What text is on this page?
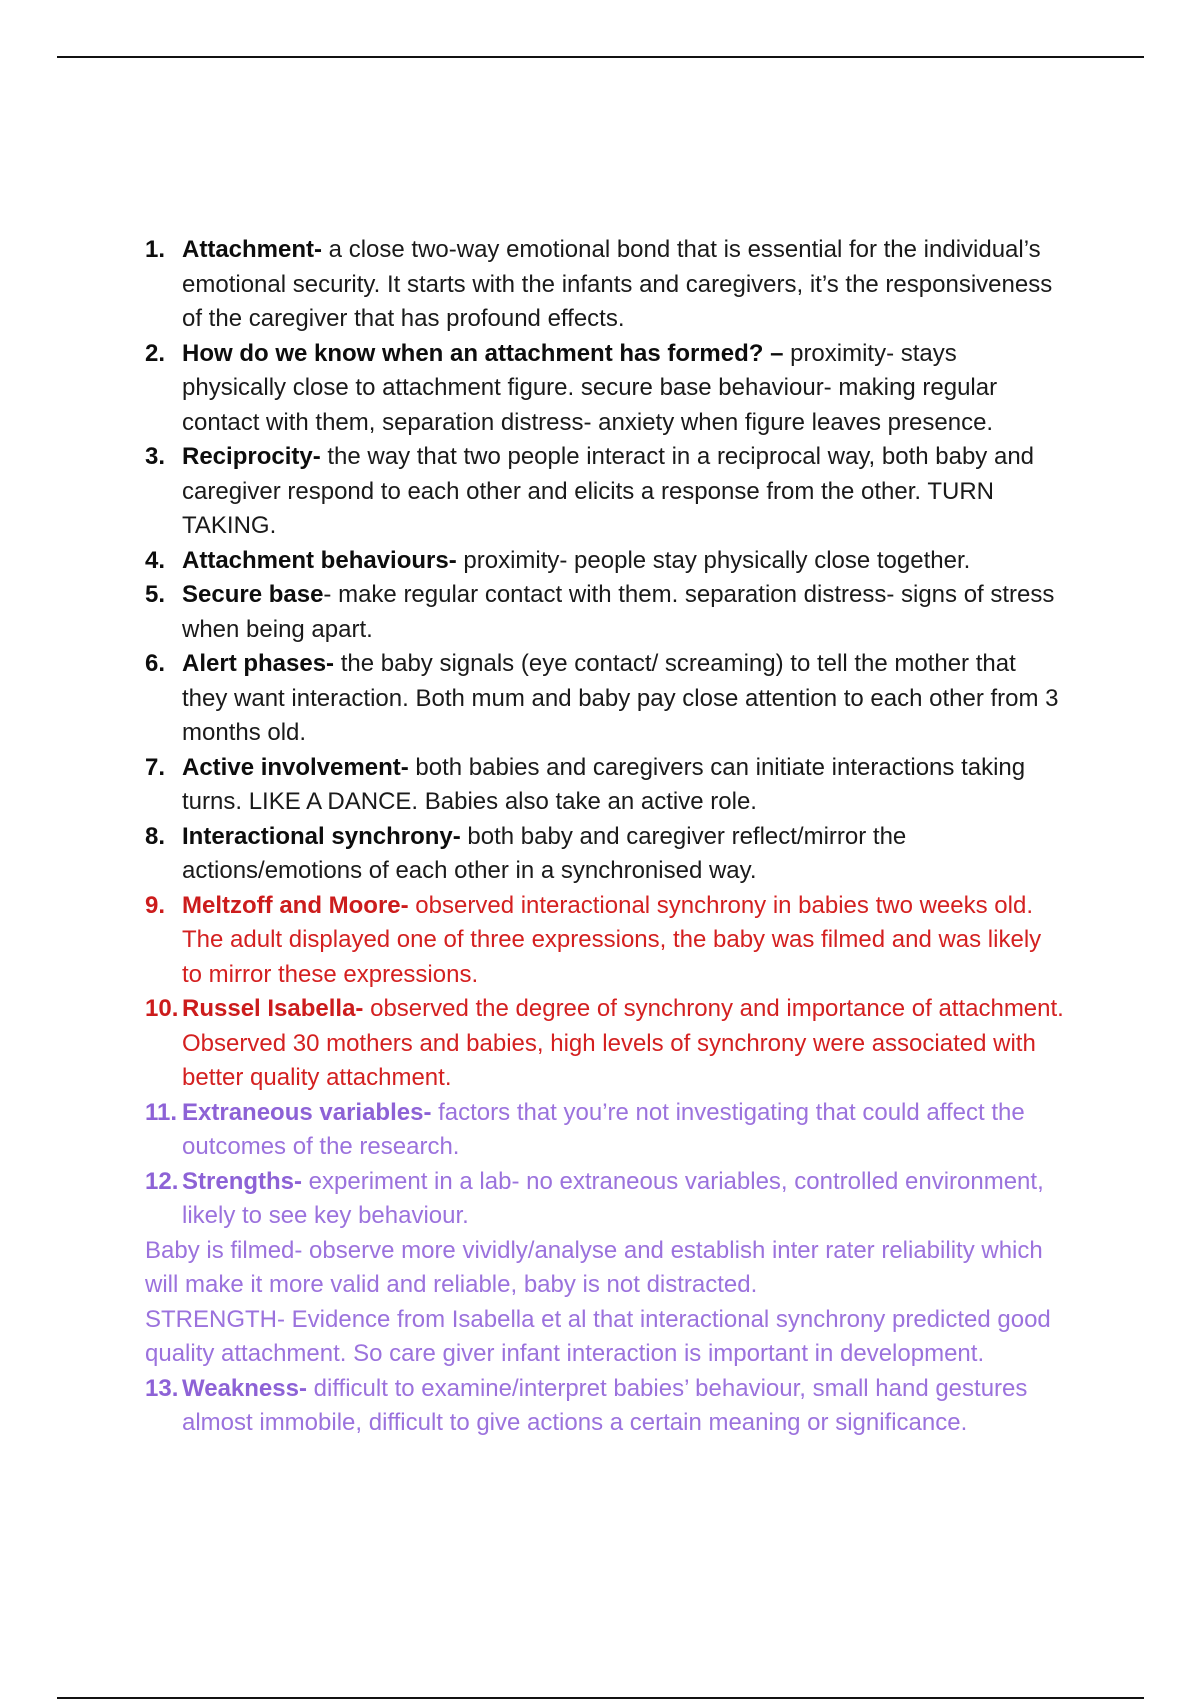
1. Attachment- a close two-way emotional bond that is essential for the individual’s emotional security. It starts with the infants and caregivers, it’s the responsiveness of the caregiver that has profound effects.
2. How do we know when an attachment has formed? – proximity- stays physically close to attachment figure. secure base behaviour- making regular contact with them, separation distress- anxiety when figure leaves presence.
3. Reciprocity- the way that two people interact in a reciprocal way, both baby and caregiver respond to each other and elicits a response from the other. TURN TAKING.
4. Attachment behaviours- proximity- people stay physically close together.
5. Secure base- make regular contact with them. separation distress- signs of stress when being apart.
6. Alert phases- the baby signals (eye contact/ screaming) to tell the mother that they want interaction. Both mum and baby pay close attention to each other from 3 months old.
7. Active involvement- both babies and caregivers can initiate interactions taking turns. LIKE A DANCE. Babies also take an active role.
8. Interactional synchrony- both baby and caregiver reflect/mirror the actions/emotions of each other in a synchronised way.
9. Meltzoff and Moore- observed interactional synchrony in babies two weeks old. The adult displayed one of three expressions, the baby was filmed and was likely to mirror these expressions.
10. Russel Isabella- observed the degree of synchrony and importance of attachment. Observed 30 mothers and babies, high levels of synchrony were associated with better quality attachment.
11. Extraneous variables- factors that you’re not investigating that could affect the outcomes of the research.
12. Strengths- experiment in a lab- no extraneous variables, controlled environment, likely to see key behaviour.

Baby is filmed- observe more vividly/analyse and establish inter rater reliability which will make it more valid and reliable, baby is not distracted.

STRENGTH- Evidence from Isabella et al that interactional synchrony predicted good quality attachment. So care giver infant interaction is important in development.

13. Weakness- difficult to examine/interpret babies’ behaviour, small hand gestures almost immobile, difficult to give actions a certain meaning or significance.
